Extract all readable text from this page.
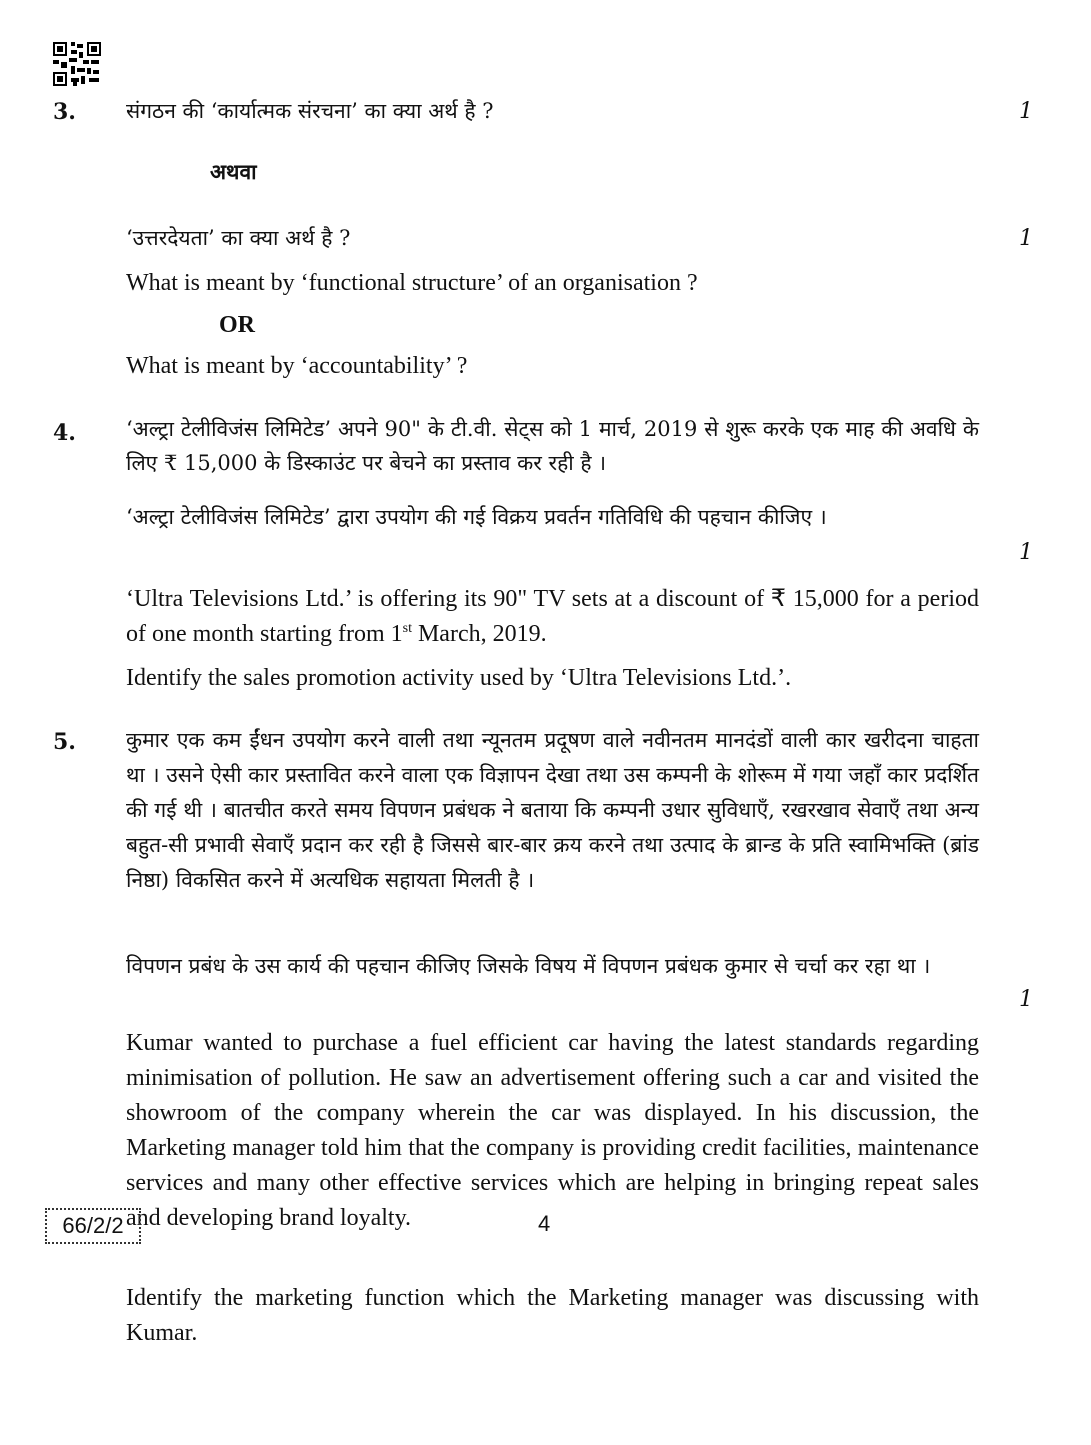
3. संगठन की ‘कार्यात्मक संरचना’ का क्या अर्थ है ?	1
अथवा
‘उत्तरदेयता’ का क्या अर्थ है ?	1
What is meant by ‘functional structure’ of an organisation ?
OR
What is meant by ‘accountability’ ?
4. ‘अल्ट्रा टेलीविजंस लिमिटेड’ अपने 90" के टी.वी. सेट्स को 1 मार्च, 2019 से शुरू करके एक माह की अवधि के लिए ₹ 15,000 के डिस्काउंट पर बेचने का प्रस्ताव कर रही है ।
‘अल्ट्रा टेलीविजंस लिमिटेड’ द्वारा उपयोग की गई विक्रय प्रवर्तन गतिविधि की पहचान कीजिए ।
1
‘Ultra Televisions Ltd.’ is offering its 90" TV sets at a discount of ₹ 15,000 for a period of one month starting from 1st March, 2019.
Identify the sales promotion activity used by ‘Ultra Televisions Ltd.’.
5. कुमार एक कम ईंधन उपयोग करने वाली तथा न्यूनतम प्रदूषण वाले नवीनतम मानदंडों वाली कार खरीदना चाहता था । उसने ऐसी कार प्रस्तावित करने वाला एक विज्ञापन देखा तथा उस कम्पनी के शोरूम में गया जहाँ कार प्रदर्शित की गई थी । बातचीत करते समय विपणन प्रबंधक ने बताया कि कम्पनी उधार सुविधाएँ, रखरखाव सेवाएँ तथा अन्य बहुत-सी प्रभावी सेवाएँ प्रदान कर रही है जिससे बार-बार क्रय करने तथा उत्पाद के ब्रान्ड के प्रति स्वामिभक्ति (ब्रांड निष्ठा) विकसित करने में अत्यधिक सहायता मिलती है ।
विपणन प्रबंध के उस कार्य की पहचान कीजिए जिसके विषय में विपणन प्रबंधक कुमार से चर्चा कर रहा था ।
1
Kumar wanted to purchase a fuel efficient car having the latest standards regarding minimisation of pollution. He saw an advertisement offering such a car and visited the showroom of the company wherein the car was displayed. In his discussion, the Marketing manager told him that the company is providing credit facilities, maintenance services and many other effective services which are helping in bringing repeat sales and developing brand loyalty.
Identify the marketing function which the Marketing manager was discussing with Kumar.
66/2/2	4
